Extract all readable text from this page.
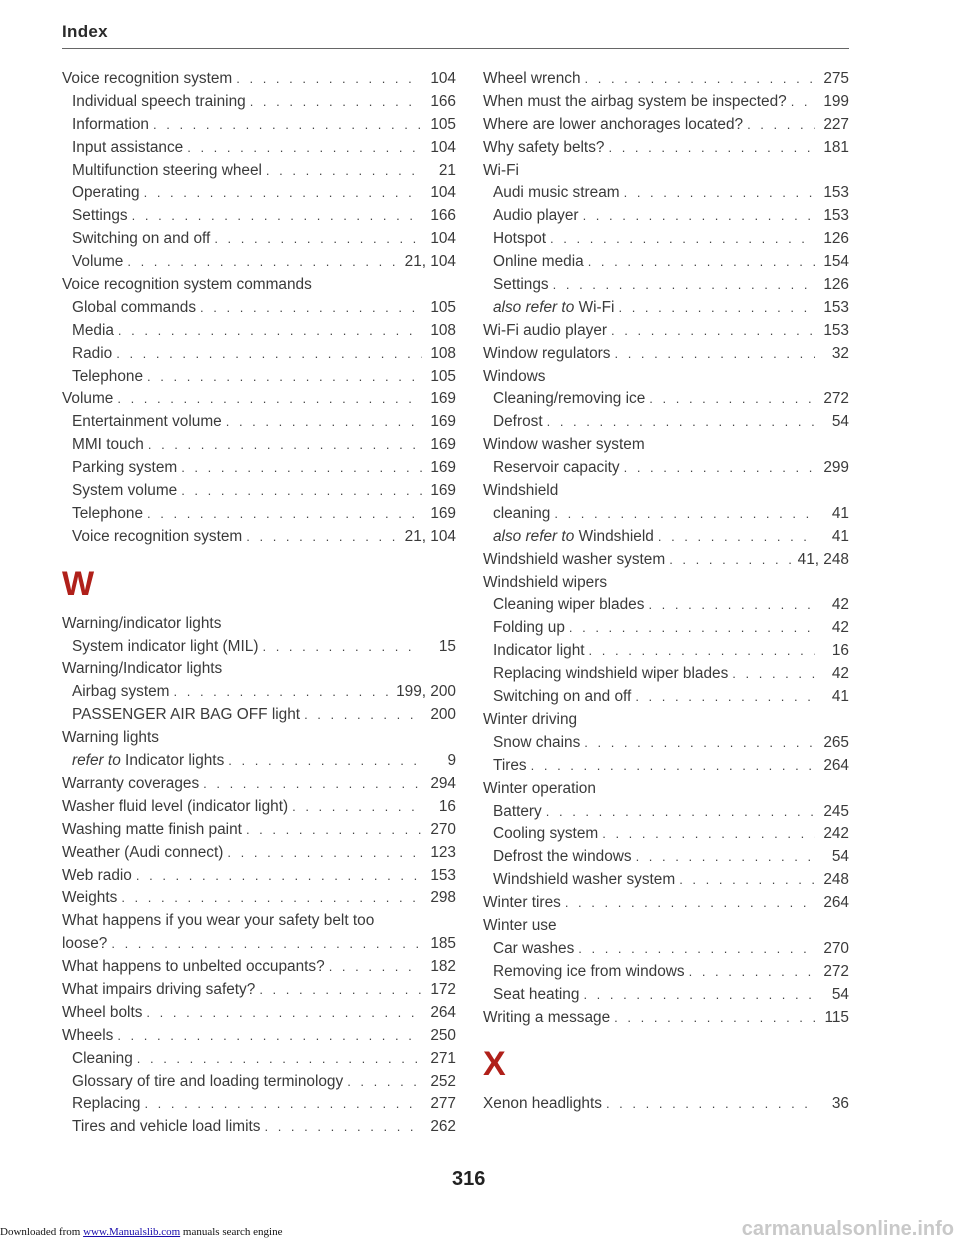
Index
Voice recognition system . . .	104
Individual speech training . . .	166
Information . . .	105
Input assistance . . .	104
Multifunction steering wheel . . .	21
Operating . . .	104
Settings . . .	166
Switching on and off . . .	104
Volume . . .	21, 104
Voice recognition system commands
Global commands . . .	105
Media . . .	108
Radio . . .	108
Telephone . . .	105
Volume . . .	169
Entertainment volume . . .	169
MMI touch . . .	169
Parking system . . .	169
System volume . . .	169
Telephone . . .	169
Voice recognition system . . .	21, 104
W
Warning/indicator lights
System indicator light (MIL) . . .	15
Warning/Indicator lights
Airbag system . . .	199, 200
PASSENGER AIR BAG OFF light . . .	200
Warning lights
refer to Indicator lights . . .	9
Warranty coverages . . .	294
Washer fluid level (indicator light) . . .	16
Washing matte finish paint . . .	270
Weather (Audi connect) . . .	123
Web radio . . .	153
Weights . . .	298
What happens if you wear your safety belt too
loose? . . .	185
What happens to unbelted occupants? . . .	182
What impairs driving safety? . . .	172
Wheel bolts . . .	264
Wheels . . .	250
Cleaning . . .	271
Glossary of tire and loading terminology . . .	252
Replacing . . .	277
Tires and vehicle load limits . . .	262
Wheel wrench . . .	275
When must the airbag system be inspected? . . . 199
Where are lower anchorages located? . . .	227
Why safety belts? . . .	181
Wi-Fi
Audi music stream . . .	153
Audio player . . .	153
Hotspot . . .	126
Online media . . .	154
Settings . . .	126
also refer to Wi-Fi . . .	153
Wi-Fi audio player . . .	153
Window regulators . . .	32
Windows
Cleaning/removing ice . . .	272
Defrost . . .	54
Window washer system
Reservoir capacity . . .	299
Windshield
cleaning . . .	41
also refer to Windshield . . .	41
Windshield washer system . . .	41, 248
Windshield wipers
Cleaning wiper blades . . .	42
Folding up . . .	42
Indicator light . . .	16
Replacing windshield wiper blades . . .	42
Switching on and off . . .	41
Winter driving
Snow chains . . .	265
Tires . . .	264
Winter operation
Battery . . .	245
Cooling system . . .	242
Defrost the windows . . .	54
Windshield washer system . . .	248
Winter tires . . .	264
Winter use
Car washes . . .	270
Removing ice from windows . . .	272
Seat heating . . .	54
Writing a message . . .	115
X
Xenon headlights . . .	36
316
Downloaded from www.Manualslib.com manuals search engine	carmanualsonline.info
